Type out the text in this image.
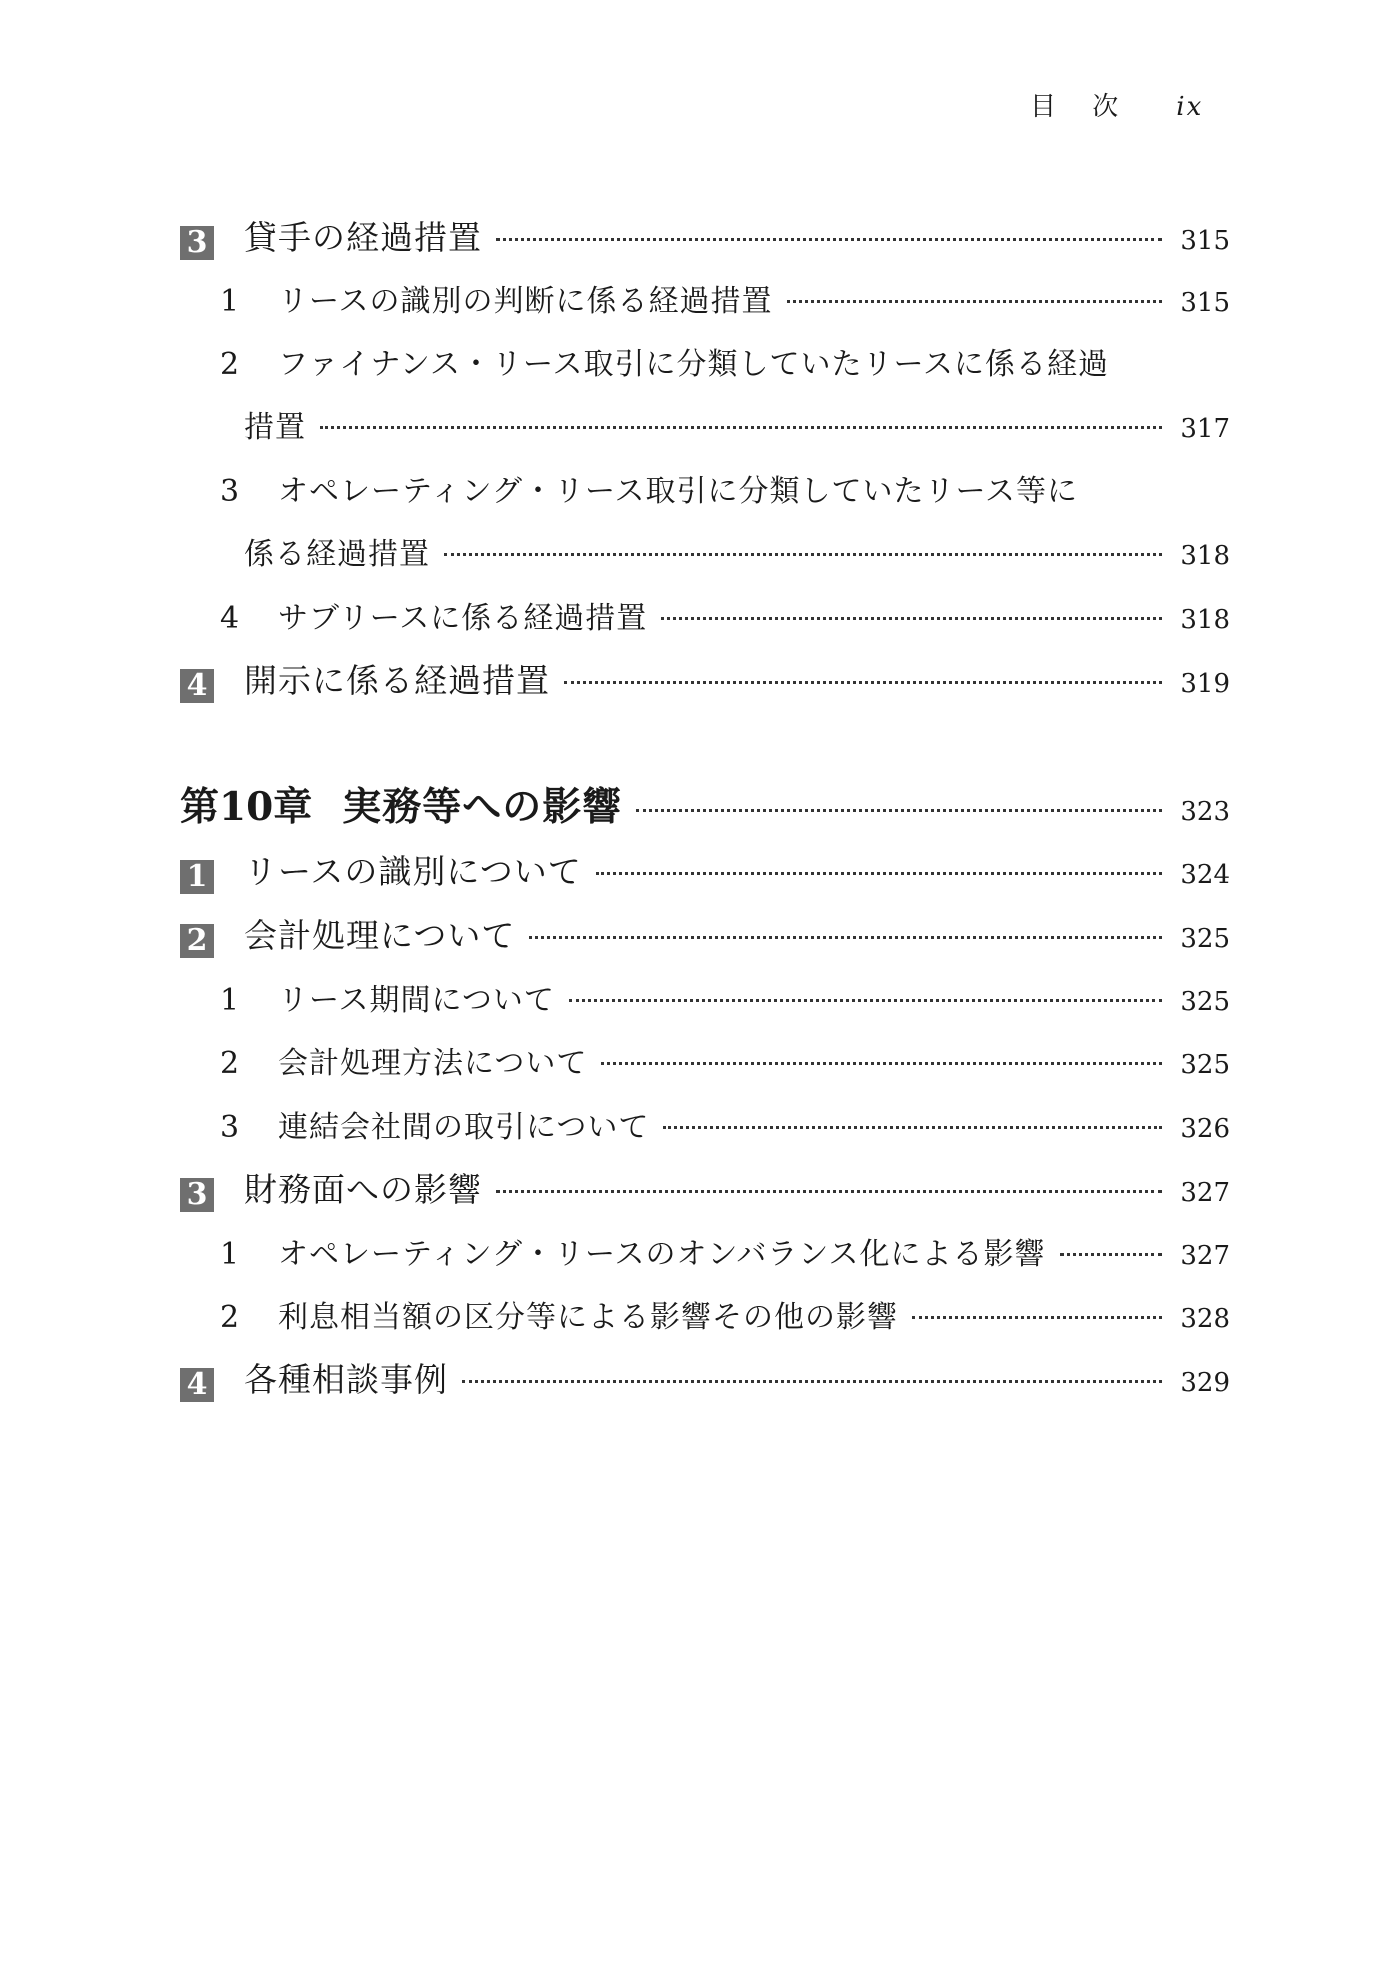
目 次 ix
3 貸手の経過措置	315
1	リースの識別の判断に係る経過措置	315
2	ファイナンス・リース取引に分類していたリースに係る経過
措置	317
3	オペレーティング・リース取引に分類していたリース等に
係る経過措置	318
4	サブリースに係る経過措置	318
4 開示に係る経過措置	319
第10章 実務等への影響	323
1 リースの識別について	324
2 会計処理について	325
1	リース期間について	325
2	会計処理方法について	325
3	連結会社間の取引について	326
3 財務面への影響	327
1	オペレーティング・リースのオンバランス化による影響	327
2	利息相当額の区分等による影響その他の影響	328
4 各種相談事例	329
